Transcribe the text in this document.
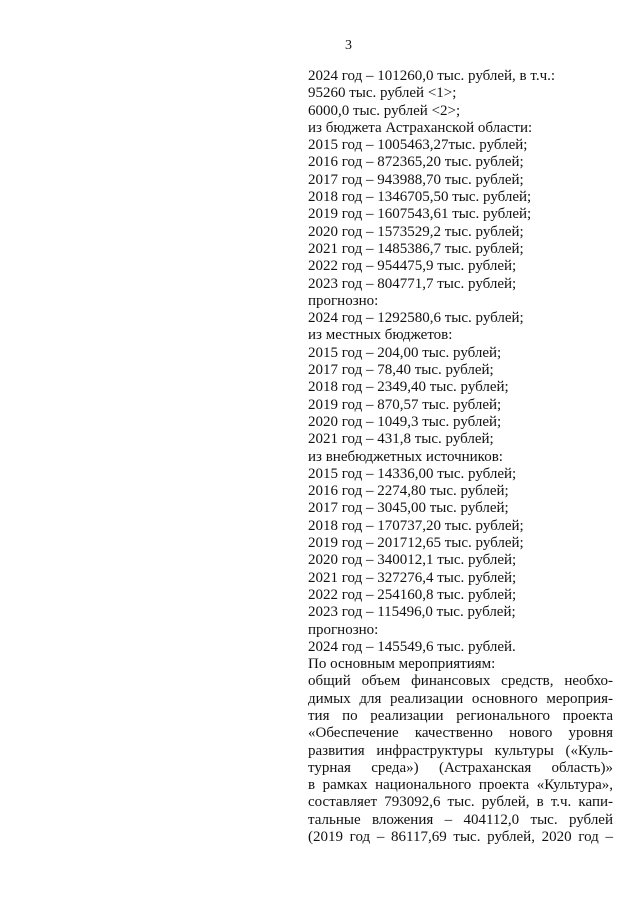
3
2024 год – 101260,0 тыс. рублей, в т.ч.:
95260 тыс. рублей <1>;
6000,0 тыс. рублей <2>;
из бюджета Астраханской области:
2015 год – 1005463,27тыс. рублей;
2016 год – 872365,20 тыс. рублей;
2017 год – 943988,70 тыс. рублей;
2018 год – 1346705,50 тыс. рублей;
2019 год – 1607543,61 тыс. рублей;
2020 год – 1573529,2 тыс. рублей;
2021 год – 1485386,7 тыс. рублей;
2022 год – 954475,9 тыс. рублей;
2023 год – 804771,7 тыс. рублей;
прогнозно:
2024 год – 1292580,6 тыс. рублей;
из местных бюджетов:
2015 год – 204,00 тыс. рублей;
2017 год – 78,40 тыс. рублей;
2018 год – 2349,40 тыс. рублей;
2019 год – 870,57 тыс. рублей;
2020 год – 1049,3 тыс. рублей;
2021 год – 431,8 тыс. рублей;
из внебюджетных источников:
2015 год – 14336,00 тыс. рублей;
2016 год – 2274,80 тыс. рублей;
2017 год – 3045,00 тыс. рублей;
2018 год – 170737,20 тыс. рублей;
2019 год – 201712,65 тыс. рублей;
2020 год – 340012,1 тыс. рублей;
2021 год – 327276,4 тыс. рублей;
2022 год – 254160,8 тыс. рублей;
2023 год – 115496,0 тыс. рублей;
прогнозно:
2024 год – 145549,6 тыс. рублей.
По основным мероприятиям:
общий объем финансовых средств, необхо-
димых для реализации основного мероприя-
тия по реализации регионального проекта
«Обеспечение качественно нового уровня
развития инфраструктуры культуры («Куль-
турная среда») (Астраханская область)»
в рамках национального проекта «Культура»,
составляет 793092,6 тыс. рублей, в т.ч. капи-
тальные вложения – 404112,0 тыс. рублей
(2019 год – 86117,69 тыс. рублей, 2020 год –
